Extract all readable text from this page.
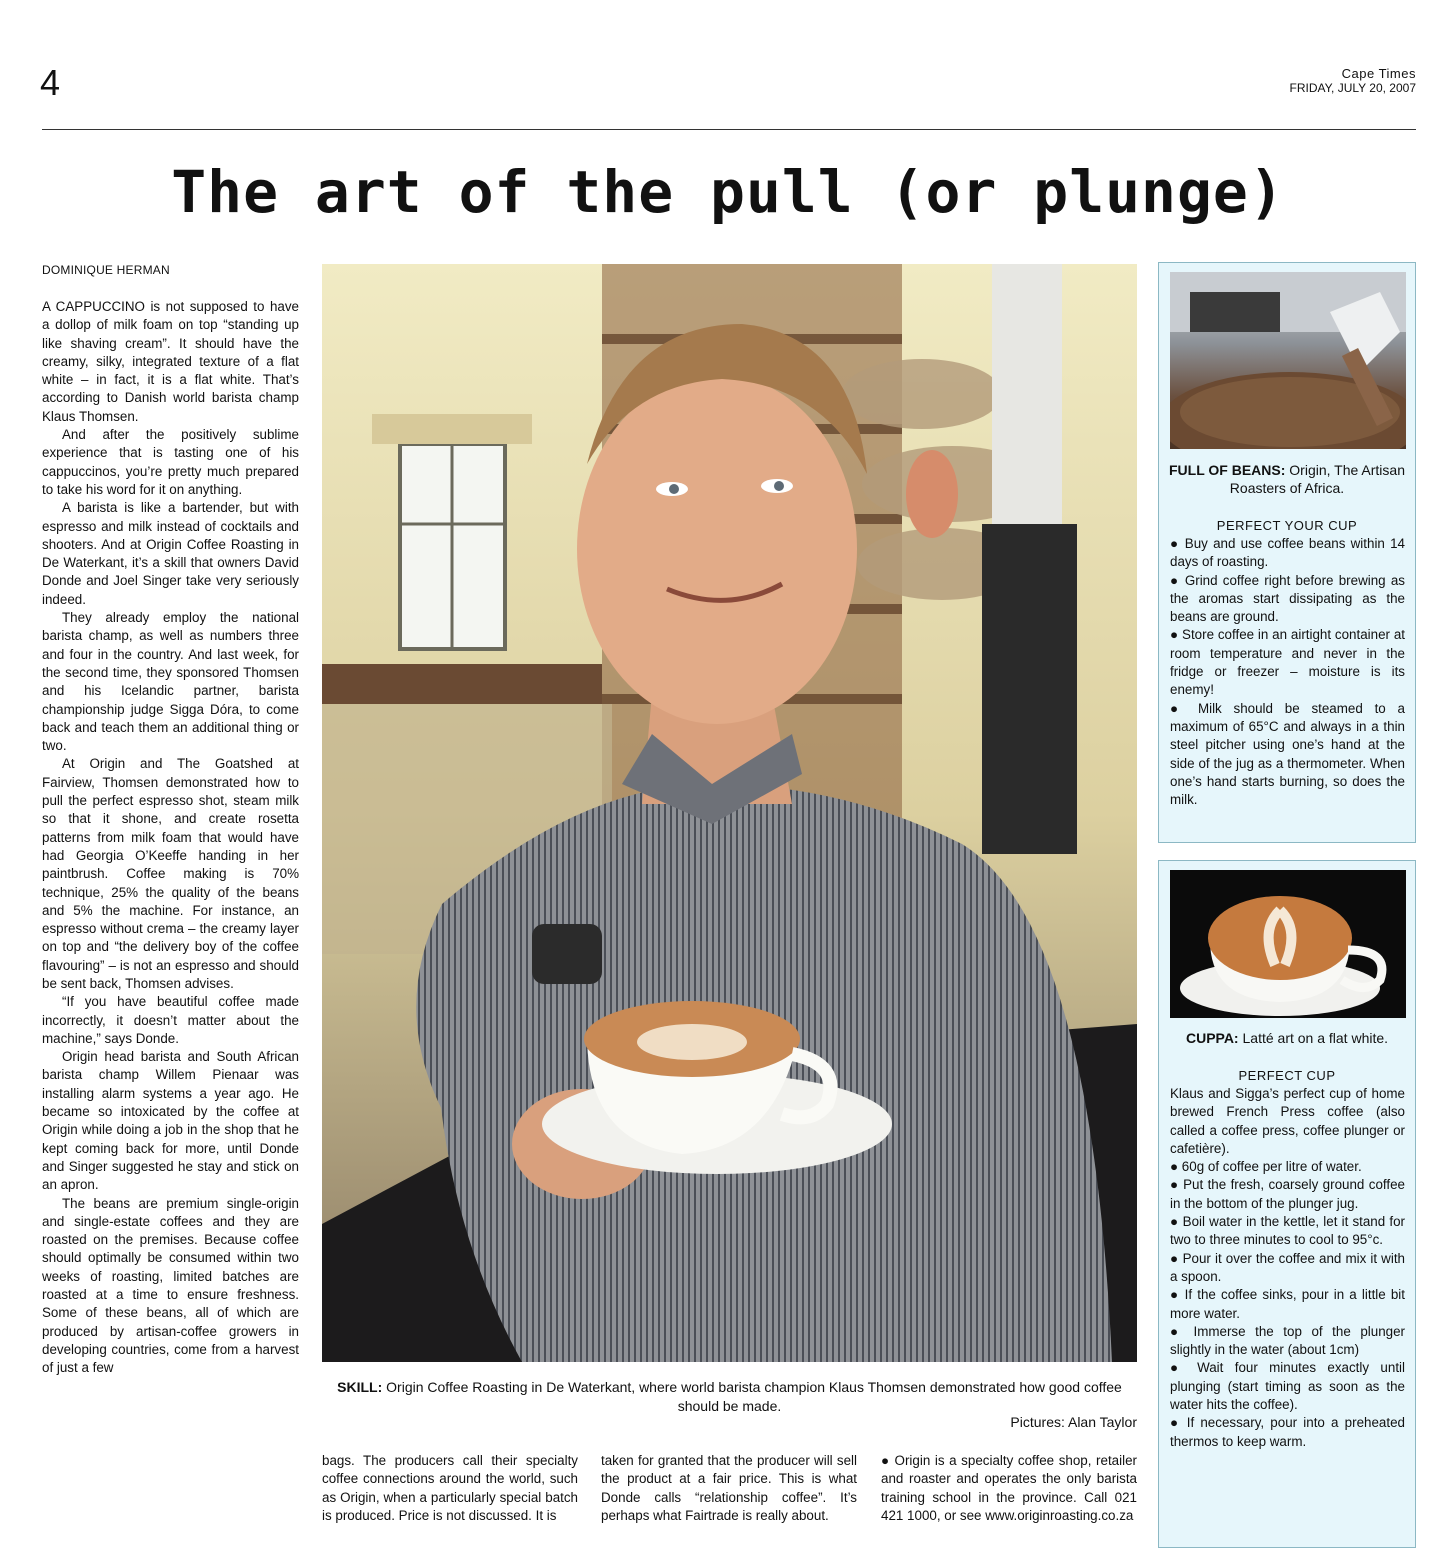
4	Cape Times
FRIDAY, JULY 20, 2007
The art of the pull (or plunge)
DOMINIQUE HERMAN

A CAPPUCCINO is not supposed to have a dollop of milk foam on top “standing up like shaving cream”. It should have the creamy, silky, integrated texture of a flat white – in fact, it is a flat white. That’s according to Danish world barista champ Klaus Thomsen.

And after the positively sublime experience that is tasting one of his cappuccinos, you’re pretty much prepared to take his word for it on anything.

A barista is like a bartender, but with espresso and milk instead of cocktails and shooters. And at Origin Coffee Roasting in De Waterkant, it’s a skill that owners David Donde and Joel Singer take very seriously indeed.

They already employ the national barista champ, as well as numbers three and four in the country. And last week, for the second time, they sponsored Thomsen and his Icelandic partner, barista championship judge Sigga Dóra, to come back and teach them an additional thing or two.

At Origin and The Goatshed at Fairview, Thomsen demonstrated how to pull the perfect espresso shot, steam milk so that it shone, and create rosetta patterns from milk foam that would have had Georgia O’Keeffe handing in her paintbrush. Coffee making is 70% technique, 25% the quality of the beans and 5% the machine. For instance, an espresso without crema – the creamy layer on top and “the delivery boy of the coffee flavouring” – is not an espresso and should be sent back, Thomsen advises.

“If you have beautiful coffee made incorrectly, it doesn’t matter about the machine,” says Donde.

Origin head barista and South African barista champ Willem Pienaar was installing alarm systems a year ago. He became so intoxicated by the coffee at Origin while doing a job in the shop that he kept coming back for more, until Donde and Singer suggested he stay and stick on an apron.

The beans are premium single-origin and single-estate coffees and they are roasted on the premises. Because coffee should optimally be consumed within two weeks of roasting, limited batches are roasted at a time to ensure freshness. Some of these beans, all of which are produced by artisan-coffee growers in developing countries, come from a harvest of just a few

SKILL: Origin Coffee Roasting in De Waterkant, where world barista champion Klaus Thomsen demonstrated how good coffee should be made.
Pictures: Alan Taylor

bags. The producers call their specialty coffee connections around the world, such as Origin, when a particularly special batch is produced. Price is not discussed. It is

taken for granted that the producer will sell the product at a fair price. This is what Donde calls “relationship coffee”. It’s perhaps what Fairtrade is really about.

● Origin is a specialty coffee shop, retailer and roaster and operates the only barista training school in the province. Call 021 421 1000, or see www.originroasting.co.za

FULL OF BEANS: Origin, The Artisan Roasters of Africa.
PERFECT YOUR CUP
● Buy and use coffee beans within 14 days of roasting.
● Grind coffee right before brewing as the aromas start dissipating as the beans are ground.
● Store coffee in an airtight container at room temperature and never in the fridge or freezer – moisture is its enemy!
● Milk should be steamed to a maximum of 65°C and always in a thin steel pitcher using one’s hand at the side of the jug as a thermometer. When one’s hand starts burning, so does the milk.
CUPPA: Latté art on a flat white.
PERFECT CUP
Klaus and Sigga’s perfect cup of home brewed French Press coffee (also called a coffee press, coffee plunger or cafetière).
● 60g of coffee per litre of water.
● Put the fresh, coarsely ground coffee in the bottom of the plunger jug.
● Boil water in the kettle, let it stand for two to three minutes to cool to 95°c.
● Pour it over the coffee and mix it with a spoon.
● If the coffee sinks, pour in a little bit more water.
● Immerse the top of the plunger slightly in the water (about 1cm)
● Wait four minutes exactly until plunging (start timing as soon as the water hits the coffee).
● If necessary, pour into a preheated thermos to keep warm.
